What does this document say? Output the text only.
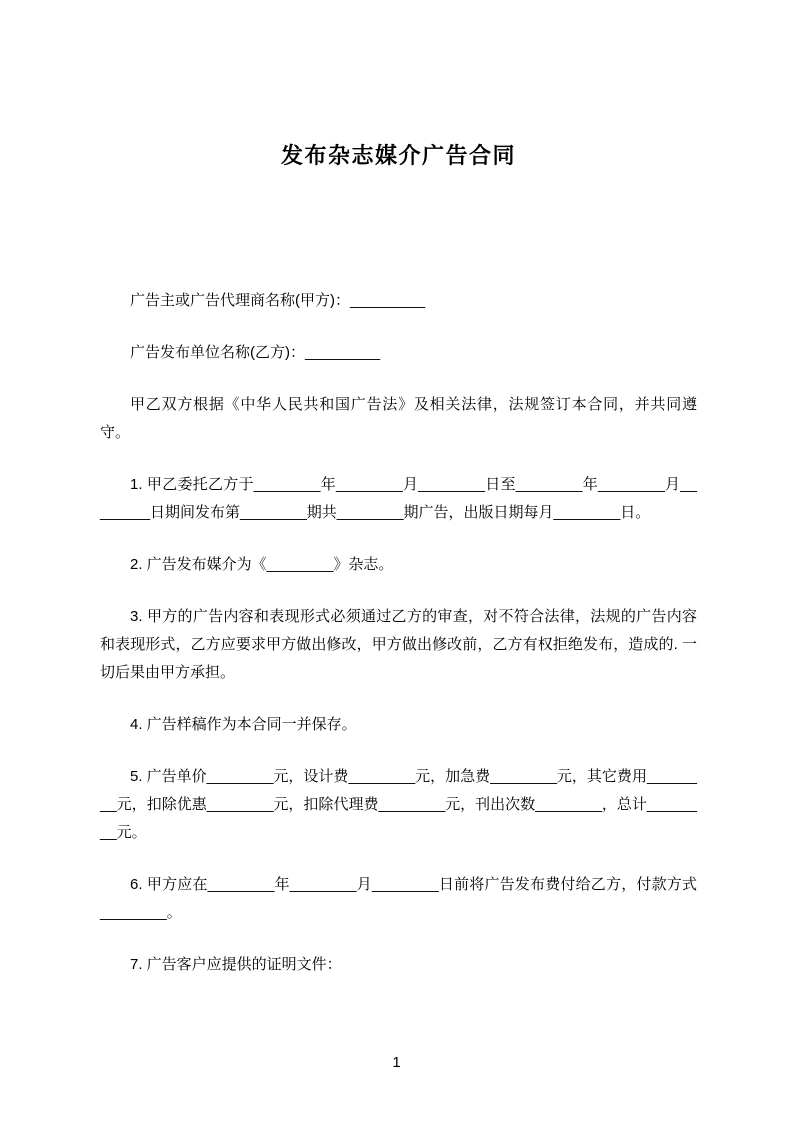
发布杂志媒介广告合同

广告主或广告代理商名称(甲方)：_________

广告发布单位名称(乙方)：_________

甲乙双方根据《中华人民共和国广告法》及相关法律，法规签订本合同，并共同遵守。

1. 甲乙委托乙方于________年________月________日至________年________月________日期间发布第________期共________期广告，出版日期每月________日。

2. 广告发布媒介为《________》杂志。

3. 甲方的广告内容和表现形式必须通过乙方的审查，对不符合法律，法规的广告内容和表现形式，乙方应要求甲方做出修改，甲方做出修改前，乙方有权拒绝发布，造成的. 一切后果由甲方承担。

4. 广告样稿作为本合同一并保存。

5. 广告单价________元，设计费________元，加急费________元，其它费用________元，扣除优惠________元，扣除代理费________元，刊出次数________，总计________元。

6. 甲方应在________年________月________日前将广告发布费付给乙方，付款方式________。

7. 广告客户应提供的证明文件：

1
